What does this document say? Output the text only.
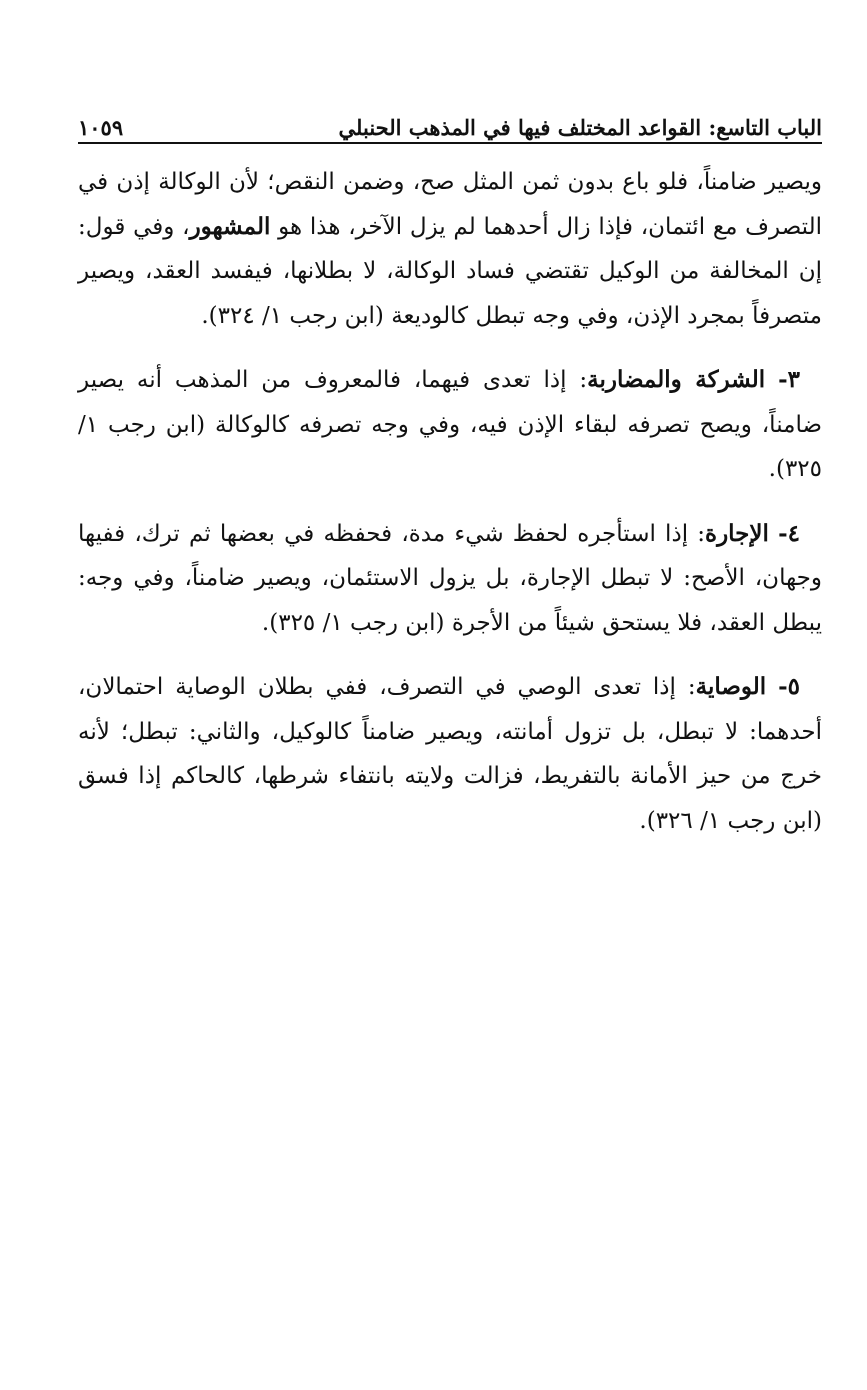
الباب التاسع: القواعد المختلف فيها في المذهب الحنبلي
١٠٥٩

ويصير ضامناً، فلو باع بدون ثمن المثل صح، وضمن النقص؛ لأن الوكالة إذن في التصرف مع ائتمان، فإذا زال أحدهما لم يزل الآخر، هذا هو المشهور، وفي قول: إن المخالفة من الوكيل تقتضي فساد الوكالة، لا بطلانها، فيفسد العقد، ويصير متصرفاً بمجرد الإذن، وفي وجه تبطل كالوديعة (ابن رجب ١/ ٣٢٤).

٣- الشركة والمضاربة: إذا تعدى فيهما، فالمعروف من المذهب أنه يصير ضامناً، ويصح تصرفه لبقاء الإذن فيه، وفي وجه تصرفه كالوكالة (ابن رجب ١/ ٣٢٥).

٤- الإجارة: إذا استأجره لحفظ شيء مدة، فحفظه في بعضها ثم ترك، ففيها وجهان، الأصح: لا تبطل الإجارة، بل يزول الاستئمان، ويصير ضامناً، وفي وجه: يبطل العقد، فلا يستحق شيئاً من الأجرة (ابن رجب ١/ ٣٢٥).

٥- الوصاية: إذا تعدى الوصي في التصرف، ففي بطلان الوصاية احتمالان، أحدهما: لا تبطل، بل تزول أمانته، ويصير ضامناً كالوكيل، والثاني: تبطل؛ لأنه خرج من حيز الأمانة بالتفريط، فزالت ولايته بانتفاء شرطها، كالحاكم إذا فسق (ابن رجب ١/ ٣٢٦).
